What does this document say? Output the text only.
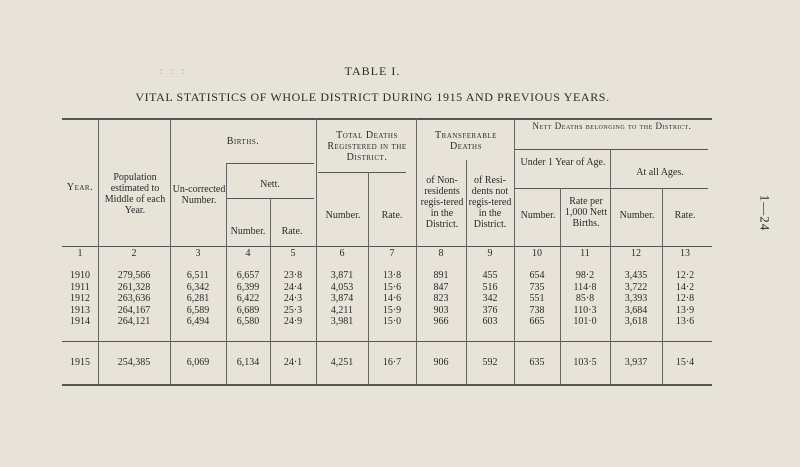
: : :	TABLE I.
VITAL STATISTICS OF WHOLE DISTRICT DURING 1915 AND PREVIOUS YEARS.
1—24
Year.
Population estimated to Middle of each Year.
Births.
Un-corrected Number.
Nett.
Number.	Rate.
Total Deaths Registered in the District.
Number.	Rate.
Transferable Deaths
of Non-residents regis-tered in the District.
of Resi-dents not regis-tered in the District.
Nett Deaths belonging to the District.
Under 1 Year of Age.
Number.
Rate per 1,000 Nett Births.
At all Ages.
Number.	Rate.
1	2	3	4	5	6	7	8	9	10	11	12	13
1910	279,566	6,511	6,657	23·8	3,871	13·8	891	455	654	98·2	3,435	12·2
1911	261,328	6,342	6,399	24·4	4,053	15·6	847	516	735	114·8	3,722	14·2
1912	263,636	6,281	6,422	24·3	3,874	14·6	823	342	551	85·8	3,393	12·8
1913	264,167	6,589	6,689	25·3	4,211	15·9	903	376	738	110·3	3,684	13·9
1914	264,121	6,494	6,580	24·9	3,981	15·0	966	603	665	101·0	3,618	13·6
1915	254,385	6,069	6,134	24·1	4,251	16·7	906	592	635	103·5	3,937	15·4
